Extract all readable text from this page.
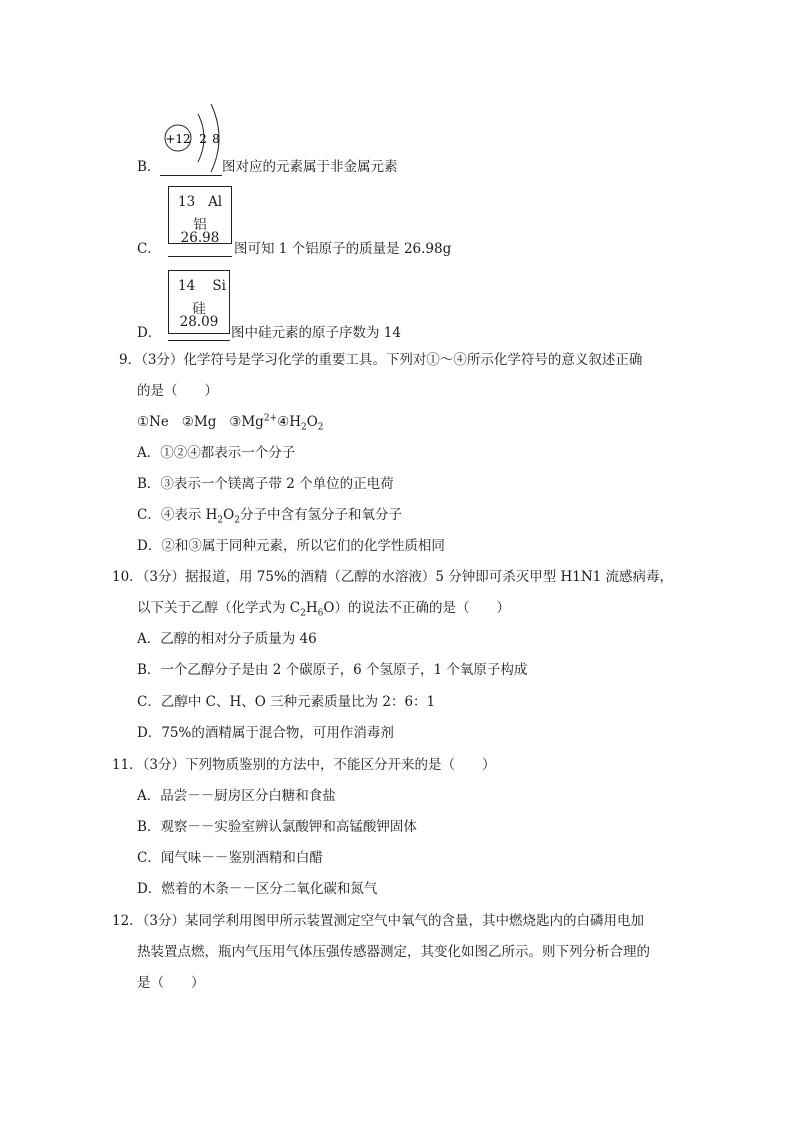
+12 2 8
B．	图对应的元素属于非金属元素
13 Al
铝
26.98
C．	图可知 1 个铝原子的质量是 26.98g
14 Si
硅
28.09
D．	图中硅元素的原子序数为 14
9．（3分）化学符号是学习化学的重要工具。下列对①～④所示化学符号的意义叙述正确
的是（　　）
①Ne ②Mg $③Mg^{2+}④H_2O_2$
A．①②④都表示一个分子
B．③表示一个镁离子带 2 个单位的正电荷
C．④表示 $H_2O_2$分子中含有氢分子和氧分子
D．②和③属于同种元素，所以它们的化学性质相同
10．（3分）据报道，用 75%的酒精（乙醇的水溶液）5 分钟即可杀灭甲型 H1N1 流感病毒，
以下关于乙醇（化学式为 $C_2H_6O$）的说法不正确的是（　　）
A．乙醇的相对分子质量为 46
B．一个乙醇分子是由 2 个碳原子，6 个氢原子，1 个氧原子构成
C．乙醇中 C、H、O 三种元素质量比为 2：6：1
D．75%的酒精属于混合物，可用作消毒剂
11．（3分）下列物质鉴别的方法中，不能区分开来的是（　　）
A．品尝－－厨房区分白糖和食盐
B．观察－－实验室辨认氯酸钾和高锰酸钾固体
C．闻气味－－鉴别酒精和白醋
D．燃着的木条－－区分二氧化碳和氮气
12．（3分）某同学利用图甲所示装置测定空气中氧气的含量，其中燃烧匙内的白磷用电加
热装置点燃，瓶内气压用气体压强传感器测定，其变化如图乙所示。则下列分析合理的
是（　　）
